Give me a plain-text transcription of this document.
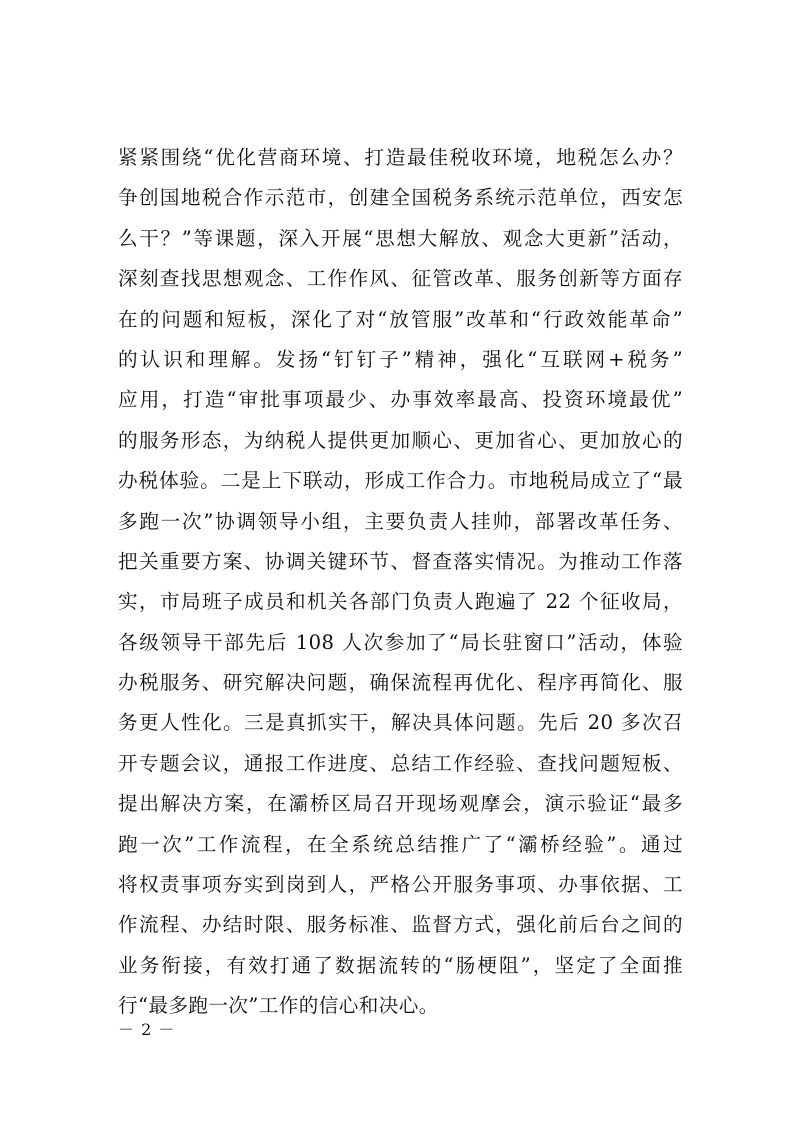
紧紧围绕“优化营商环境、打造最佳税收环境，地税怎么办？
争创国地税合作示范市，创建全国税务系统示范单位，西安怎
么干？”等课题，深入开展“思想大解放、观念大更新”活动，
深刻查找思想观念、工作作风、征管改革、服务创新等方面存
在的问题和短板，深化了对“放管服”改革和“行政效能革命”
的认识和理解。发扬“钉钉子”精神，强化“互联网+税务”
应用，打造“审批事项最少、办事效率最高、投资环境最优”
的服务形态，为纳税人提供更加顺心、更加省心、更加放心的
办税体验。二是上下联动，形成工作合力。市地税局成立了“最
多跑一次”协调领导小组，主要负责人挂帅，部署改革任务、
把关重要方案、协调关键环节、督查落实情况。为推动工作落
实，市局班子成员和机关各部门负责人跑遍了 22 个征收局，
各级领导干部先后 108 人次参加了“局长驻窗口”活动，体验
办税服务、研究解决问题，确保流程再优化、程序再简化、服
务更人性化。三是真抓实干，解决具体问题。先后 20 多次召
开专题会议，通报工作进度、总结工作经验、查找问题短板、
提出解决方案，在灞桥区局召开现场观摩会，演示验证“最多
跑一次”工作流程，在全系统总结推广了“灞桥经验”。通过
将权责事项夯实到岗到人，严格公开服务事项、办事依据、工
作流程、办结时限、服务标准、监督方式，强化前后台之间的
业务衔接，有效打通了数据流转的“肠梗阻”，坚定了全面推
行“最多跑一次”工作的信心和决心。
－ 2 －
